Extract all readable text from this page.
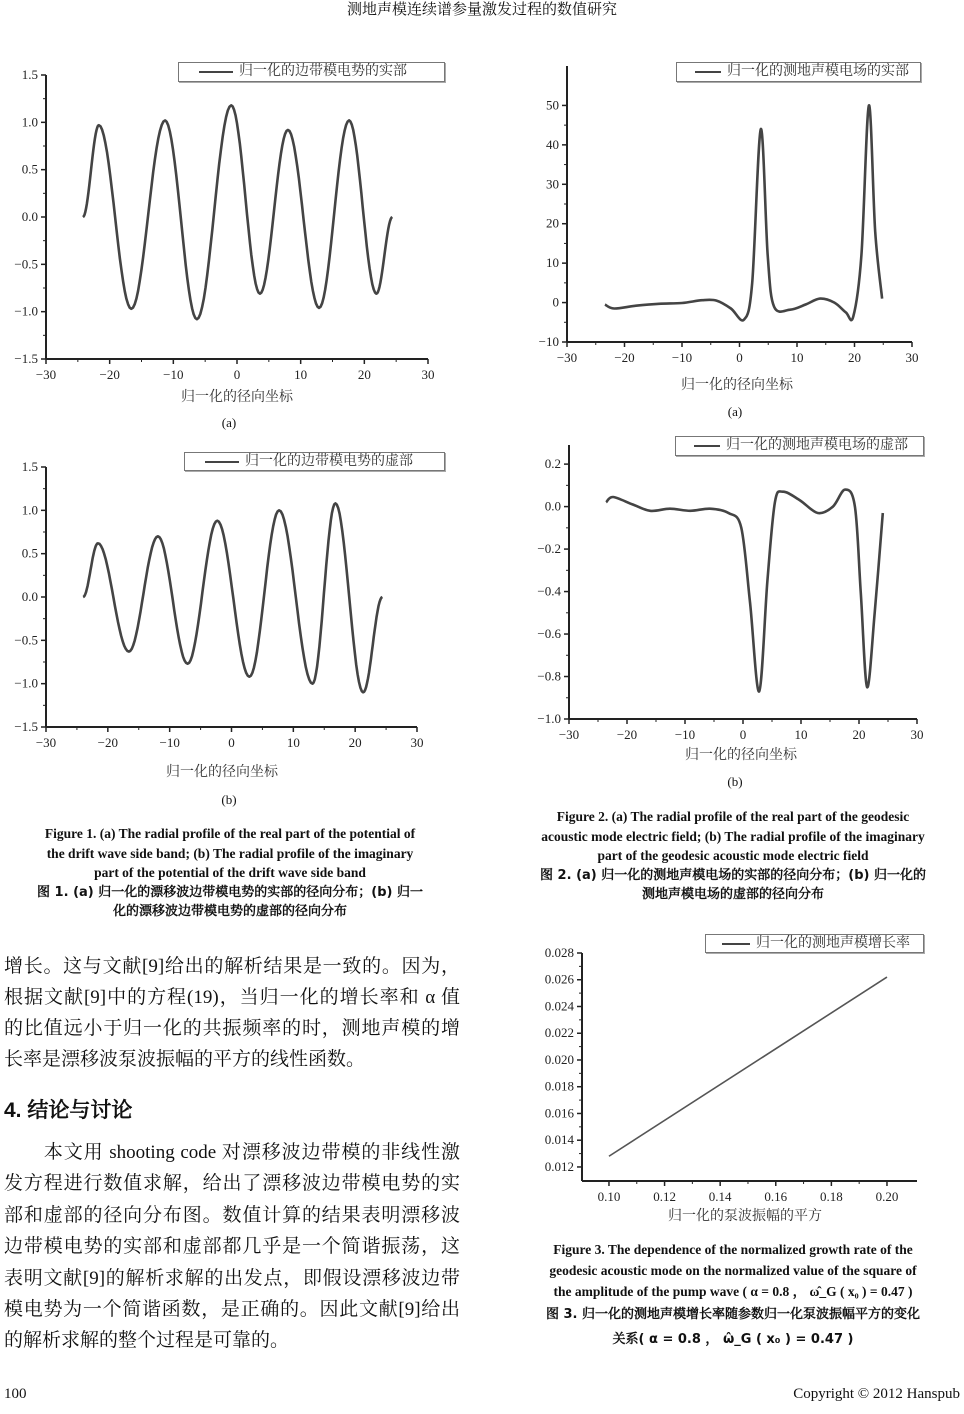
测地声模连续谱参量激发过程的数值研究
−30	−20	−10	0	10	20	30
−1.5
−1.0
−0.5
0.0
0.5
1.0
1.5
−30	−20	−10	0	10	20	30
−1.5
−1.0
−0.5
0.0
0.5
1.0
1.5
−30	−20	−10	0	10	20	30
−10
0
10
20
30
40
50
−30	−20	−10	0	10	20	30
−1.0
−0.8
−0.6
−0.4
−0.2
0.0
0.2
0.10	0.12	0.14	0.16	0.18	0.20
0.012
0.014
0.016
0.018
0.020
0.022
0.024
0.026
0.028
归一化的边带模电势的实部
归一化的边带模电势的虚部
归一化的测地声模电场的实部
归一化的测地声模电场的虚部
归一化的测地声模增长率
归一化的径向坐标
归一化的径向坐标
归一化的径向坐标
归一化的径向坐标
归一化的泵波振幅的平方
(a)
(b)
(a)
(b)
Figure 1. (a) The radial profile of the real part of the potential of
the drift wave side band; (b) The radial profile of the imaginary
part of the potential of the drift wave side band
图 1. (a) 归一化的漂移波边带模电势的实部的径向分布；(b) 归一
化的漂移波边带模电势的虚部的径向分布
Figure 2. (a) The radial profile of the real part of the geodesic
acoustic mode electric field; (b) The radial profile of the imaginary
part of the geodesic acoustic mode electric field
图 2. (a) 归一化的测地声模电场的实部的径向分布；(b) 归一化的
测地声模电场的虚部的径向分布
Figure 3. The dependence of the normalized growth rate of the
geodesic acoustic mode on the normalized value of the square of
the amplitude of the pump wave ( α = 0.8 ， ω̂_G ( x₀ ) = 0.47 )
图 3. 归一化的测地声模增长率随参数归一化泵波振幅平方的变化
关系( α = 0.8 ， ω̂_G ( x₀ ) = 0.47 )
增长。这与文献[9]给出的解析结果是一致的。因为，
根据文献[9]中的方程(19)，当归一化的增长率和 α 值
的比值远小于归一化的共振频率的时，测地声模的增
长率是漂移波泵波振幅的平方的线性函数。
4. 结论与讨论
　　本文用 shooting code 对漂移波边带模的非线性激
发方程进行数值求解，给出了漂移波边带模电势的实
部和虚部的径向分布图。数值计算的结果表明漂移波
边带模电势的实部和虚部都几乎是一个简谐振荡，这
表明文献[9]的解析求解的出发点，即假设漂移波边带
模电势为一个简谐函数，是正确的。因此文献[9]给出
的解析求解的整个过程是可靠的。
100	Copyright © 2012 Hanspub
